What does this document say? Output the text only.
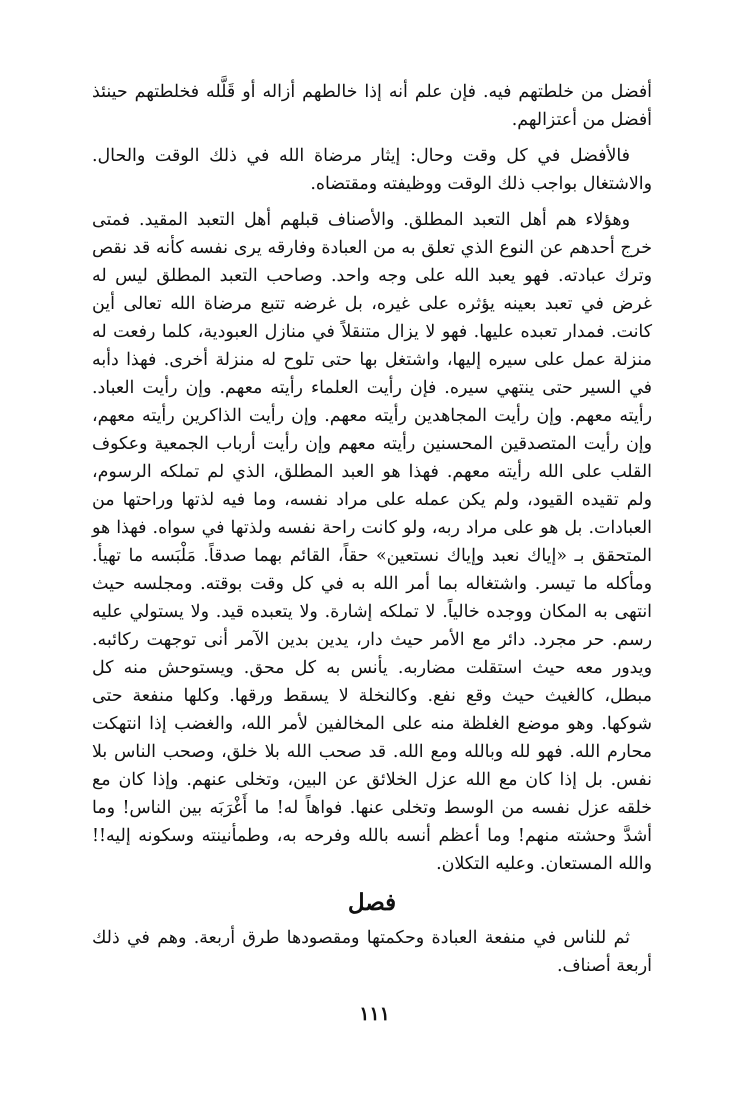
أفضل من خلطتهم فيه. فإن علم أنه إذا خالطهم أزاله أو قَلَّله فخلطتهم حينئذ أفضل من أعتزالهم.

فالأفضل في كل وقت وحال: إيثار مرضاة الله في ذلك الوقت والحال. والاشتغال بواجب ذلك الوقت ووظيفته ومقتضاه.

وهؤلاء هم أهل التعبد المطلق. والأصناف قبلهم أهل التعبد المقيد. فمتى خرج أحدهم عن النوع الذي تعلق به من العبادة وفارقه يرى نفسه كأنه قد نقص وترك عبادته. فهو يعبد الله على وجه واحد. وصاحب التعبد المطلق ليس له غرض في تعبد بعينه يؤثره على غيره، بل غرضه تتبع مرضاة الله تعالى أين كانت. فمدار تعبده عليها. فهو لا يزال متنقلاً في منازل العبودية، كلما رفعت له منزلة عمل على سيره إليها، واشتغل بها حتى تلوح له منزلة أخرى. فهذا دأبه في السير حتى ينتهي سيره. فإن رأيت العلماء رأيته معهم. وإن رأيت العباد. رأيته معهم. وإن رأيت المجاهدين رأيته معهم. وإن رأيت الذاكرين رأيته معهم، وإن رأيت المتصدقين المحسنين رأيته معهم وإن رأيت أرباب الجمعية وعكوف القلب على الله رأيته معهم. فهذا هو العبد المطلق، الذي لم تملكه الرسوم، ولم تقيده القيود، ولم يكن عمله على مراد نفسه، وما فيه لذتها وراحتها من العبادات. بل هو على مراد ربه، ولو كانت راحة نفسه ولذتها في سواه. فهذا هو المتحقق بـ «إياك نعبد وإياك نستعين» حقاً، القائم بهما صدقاً. مَلْبَسه ما تهيأ. ومأكله ما تيسر. واشتغاله بما أمر الله به في كل وقت بوقته. ومجلسه حيث انتهى به المكان ووجده خالياً. لا تملكه إشارة. ولا يتعبده قيد. ولا يستولي عليه رسم. حر مجرد. دائر مع الأمر حيث دار، يدين بدين الآمر أنى توجهت ركائبه. ويدور معه حيث استقلت مضاربه. يأنس به كل محق. ويستوحش منه كل مبطل، كالغيث حيث وقع نفع. وكالنخلة لا يسقط ورقها. وكلها منفعة حتى شوكها. وهو موضع الغلظة منه على المخالفين لأمر الله، والغضب إذا انتهكت محارم الله. فهو لله وبالله ومع الله. قد صحب الله بلا خلق، وصحب الناس بلا نفس. بل إذا كان مع الله عزل الخلائق عن البين، وتخلى عنهم. وإذا كان مع خلقه عزل نفسه من الوسط وتخلى عنها. فواهاً له! ما أَغْرَبَه بين الناس! وما أشدَّ وحشته منهم! وما أعظم أنسه بالله وفرحه به، وطمأنينته وسكونه إليه!! والله المستعان. وعليه التكلان.

فصل

ثم للناس في منفعة العبادة وحكمتها ومقصودها طرق أربعة. وهم في ذلك أربعة أصناف.

١١١
